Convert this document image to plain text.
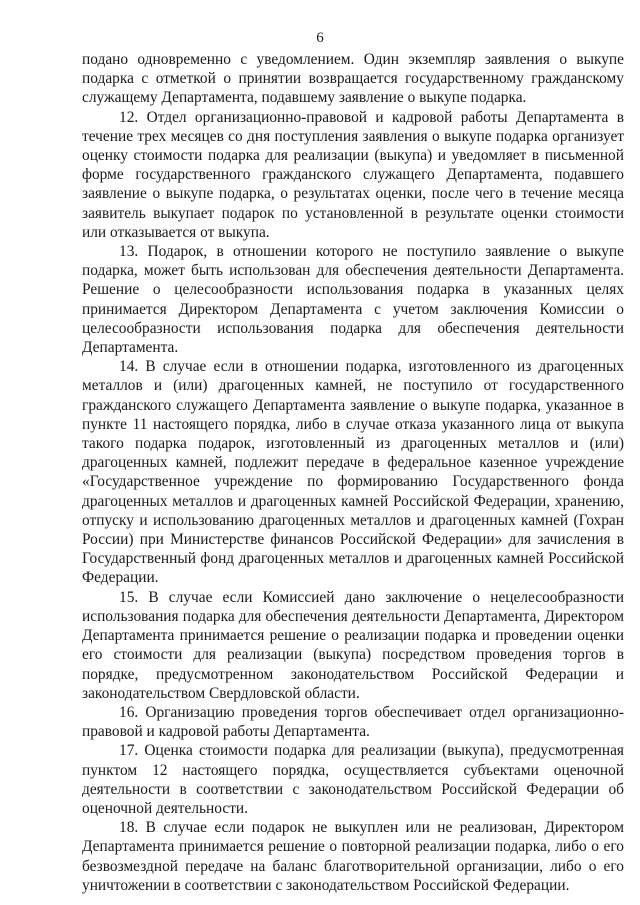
6

подано одновременно с уведомлением. Один экземпляр заявления о выкупе подарка с отметкой о принятии возвращается государственному гражданскому служащему Департамента, подавшему заявление о выкупе подарка.

12. Отдел организационно-правовой и кадровой работы Департамента в течение трех месяцев со дня поступления заявления о выкупе подарка организует оценку стоимости подарка для реализации (выкупа) и уведомляет в письменной форме государственного гражданского служащего Департамента, подавшего заявление о выкупе подарка, о результатах оценки, после чего в течение месяца заявитель выкупает подарок по установленной в результате оценки стоимости или отказывается от выкупа.

13. Подарок, в отношении которого не поступило заявление о выкупе подарка, может быть использован для обеспечения деятельности Департамента. Решение о целесообразности использования подарка в указанных целях принимается Директором Департамента с учетом заключения Комиссии о целесообразности использования подарка для обеспечения деятельности Департамента.

14. В случае если в отношении подарка, изготовленного из драгоценных металлов и (или) драгоценных камней, не поступило от государственного гражданского служащего Департамента заявление о выкупе подарка, указанное в пункте 11 настоящего порядка, либо в случае отказа указанного лица от выкупа такого подарка подарок, изготовленный из драгоценных металлов и (или) драгоценных камней, подлежит передаче в федеральное казенное учреждение «Государственное учреждение по формированию Государственного фонда драгоценных металлов и драгоценных камней Российской Федерации, хранению, отпуску и использованию драгоценных металлов и драгоценных камней (Гохран России) при Министерстве финансов Российской Федерации» для зачисления в Государственный фонд драгоценных металлов и драгоценных камней Российской Федерации.

15. В случае если Комиссией дано заключение о нецелесообразности использования подарка для обеспечения деятельности Департамента, Директором Департамента принимается решение о реализации подарка и проведении оценки его стоимости для реализации (выкупа) посредством проведения торгов в порядке, предусмотренном законодательством Российской Федерации и законодательством Свердловской области.

16. Организацию проведения торгов обеспечивает отдел организационно-правовой и кадровой работы Департамента.

17. Оценка стоимости подарка для реализации (выкупа), предусмотренная пунктом 12 настоящего порядка, осуществляется субъектами оценочной деятельности в соответствии с законодательством Российской Федерации об оценочной деятельности.

18. В случае если подарок не выкуплен или не реализован, Директором Департамента принимается решение о повторной реализации подарка, либо о его безвозмездной передаче на баланс благотворительной организации, либо о его уничтожении в соответствии с законодательством Российской Федерации.
